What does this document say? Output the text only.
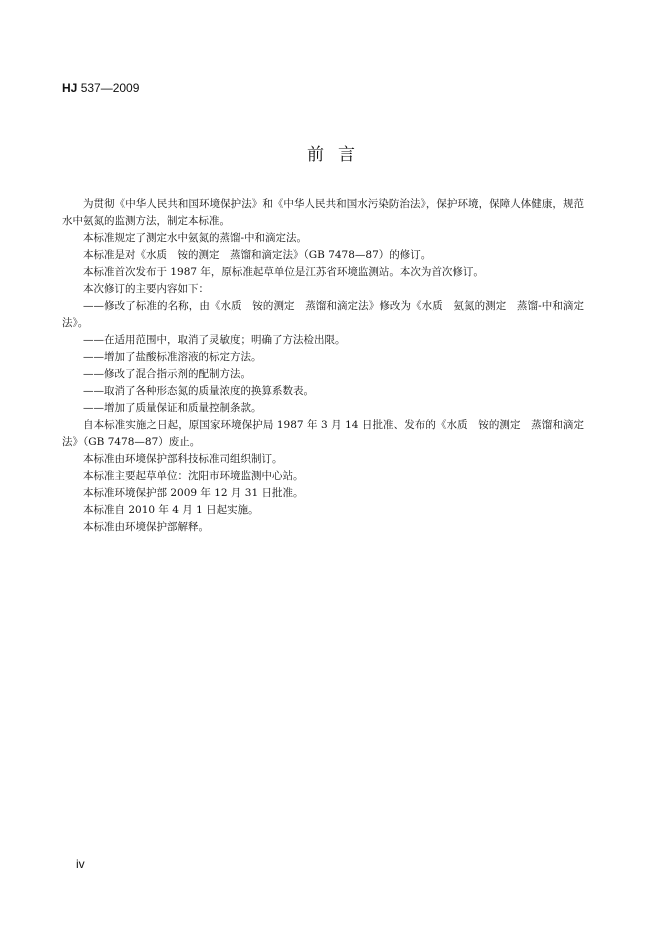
HJ 537—2009
前言

为贯彻《中华人民共和国环境保护法》和《中华人民共和国水污染防治法》，保护环境，保障人体健康，规范水中氨氮的监测方法，制定本标准。

本标准规定了测定水中氨氮的蒸馏-中和滴定法。

本标准是对《水质　铵的测定　蒸馏和滴定法》（GB 7478—87）的修订。

本标准首次发布于 1987 年，原标准起草单位是江苏省环境监测站。本次为首次修订。

本次修订的主要内容如下：

——修改了标准的名称，由《水质　铵的测定　蒸馏和滴定法》修改为《水质　氨氮的测定　蒸馏-中和滴定法》。

——在适用范围中，取消了灵敏度；明确了方法检出限。

——增加了盐酸标准溶液的标定方法。

——修改了混合指示剂的配制方法。

——取消了各种形态氮的质量浓度的换算系数表。

——增加了质量保证和质量控制条款。

自本标准实施之日起，原国家环境保护局 1987 年 3 月 14 日批准、发布的《水质　铵的测定　蒸馏和滴定法》（GB 7478—87）废止。

本标准由环境保护部科技标准司组织制订。

本标准主要起草单位：沈阳市环境监测中心站。

本标准环境保护部 2009 年 12 月 31 日批准。

本标准自 2010 年 4 月 1 日起实施。

本标准由环境保护部解释。

iv
